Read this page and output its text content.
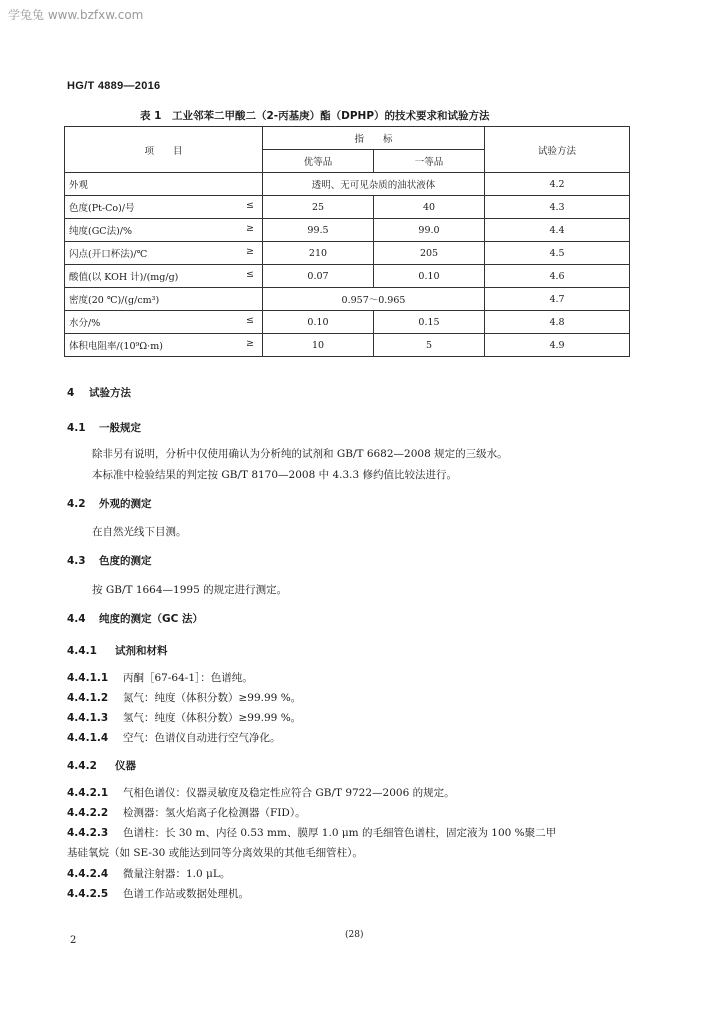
学兔兔 www.bzfxw.com
HG/T 4889—2016
表 1　工业邻苯二甲酸二（2-丙基庚）酯（DPHP）的技术要求和试验方法
项　　目	指　　标		试验方法
	优等品	一等品	
外观	透明、无可见杂质的油状液体		4.2
色度(Pt-Co)/号 ≤	25	40	4.3
纯度(GC法)/% ≥	99.5	99.0	4.4
闪点(开口杯法)/℃ ≥	210	205	4.5
酸值(以 KOH 计)/(mg/g) ≤	0.07	0.10	4.6
密度(20 ℃)/(g/cm³)	0.957～0.965		4.7
水分/% ≤	0.10	0.15	4.8
体积电阻率/(10⁹Ω·m) ≥	10	5	4.9
4 试验方法
4.1 一般规定
除非另有说明，分析中仅使用确认为分析纯的试剂和 GB/T 6682—2008 规定的三级水。
本标准中检验结果的判定按 GB/T 8170—2008 中 4.3.3 修约值比较法进行。
4.2 外观的测定
在自然光线下目测。
4.3 色度的测定
按 GB/T 1664—1995 的规定进行测定。
4.4 纯度的测定（GC 法）
4.4.1 试剂和材料
4.4.1.1 丙酮［67-64-1］：色谱纯。
4.4.1.2 氮气：纯度（体积分数）≥99.99 %。
4.4.1.3 氢气：纯度（体积分数）≥99.99 %。
4.4.1.4 空气：色谱仪自动进行空气净化。
4.4.2 仪器
4.4.2.1 气相色谱仪：仪器灵敏度及稳定性应符合 GB/T 9722—2006 的规定。
4.4.2.2 检测器：氢火焰离子化检测器（FID）。
4.4.2.3 色谱柱：长 30 m、内径 0.53 mm、膜厚 1.0 μm 的毛细管色谱柱，固定液为 100 %聚二甲
基硅氧烷（如 SE-30 或能达到同等分离效果的其他毛细管柱）。
4.4.2.4 微量注射器：1.0 μL。
4.4.2.5 色谱工作站或数据处理机。
2	(28)
